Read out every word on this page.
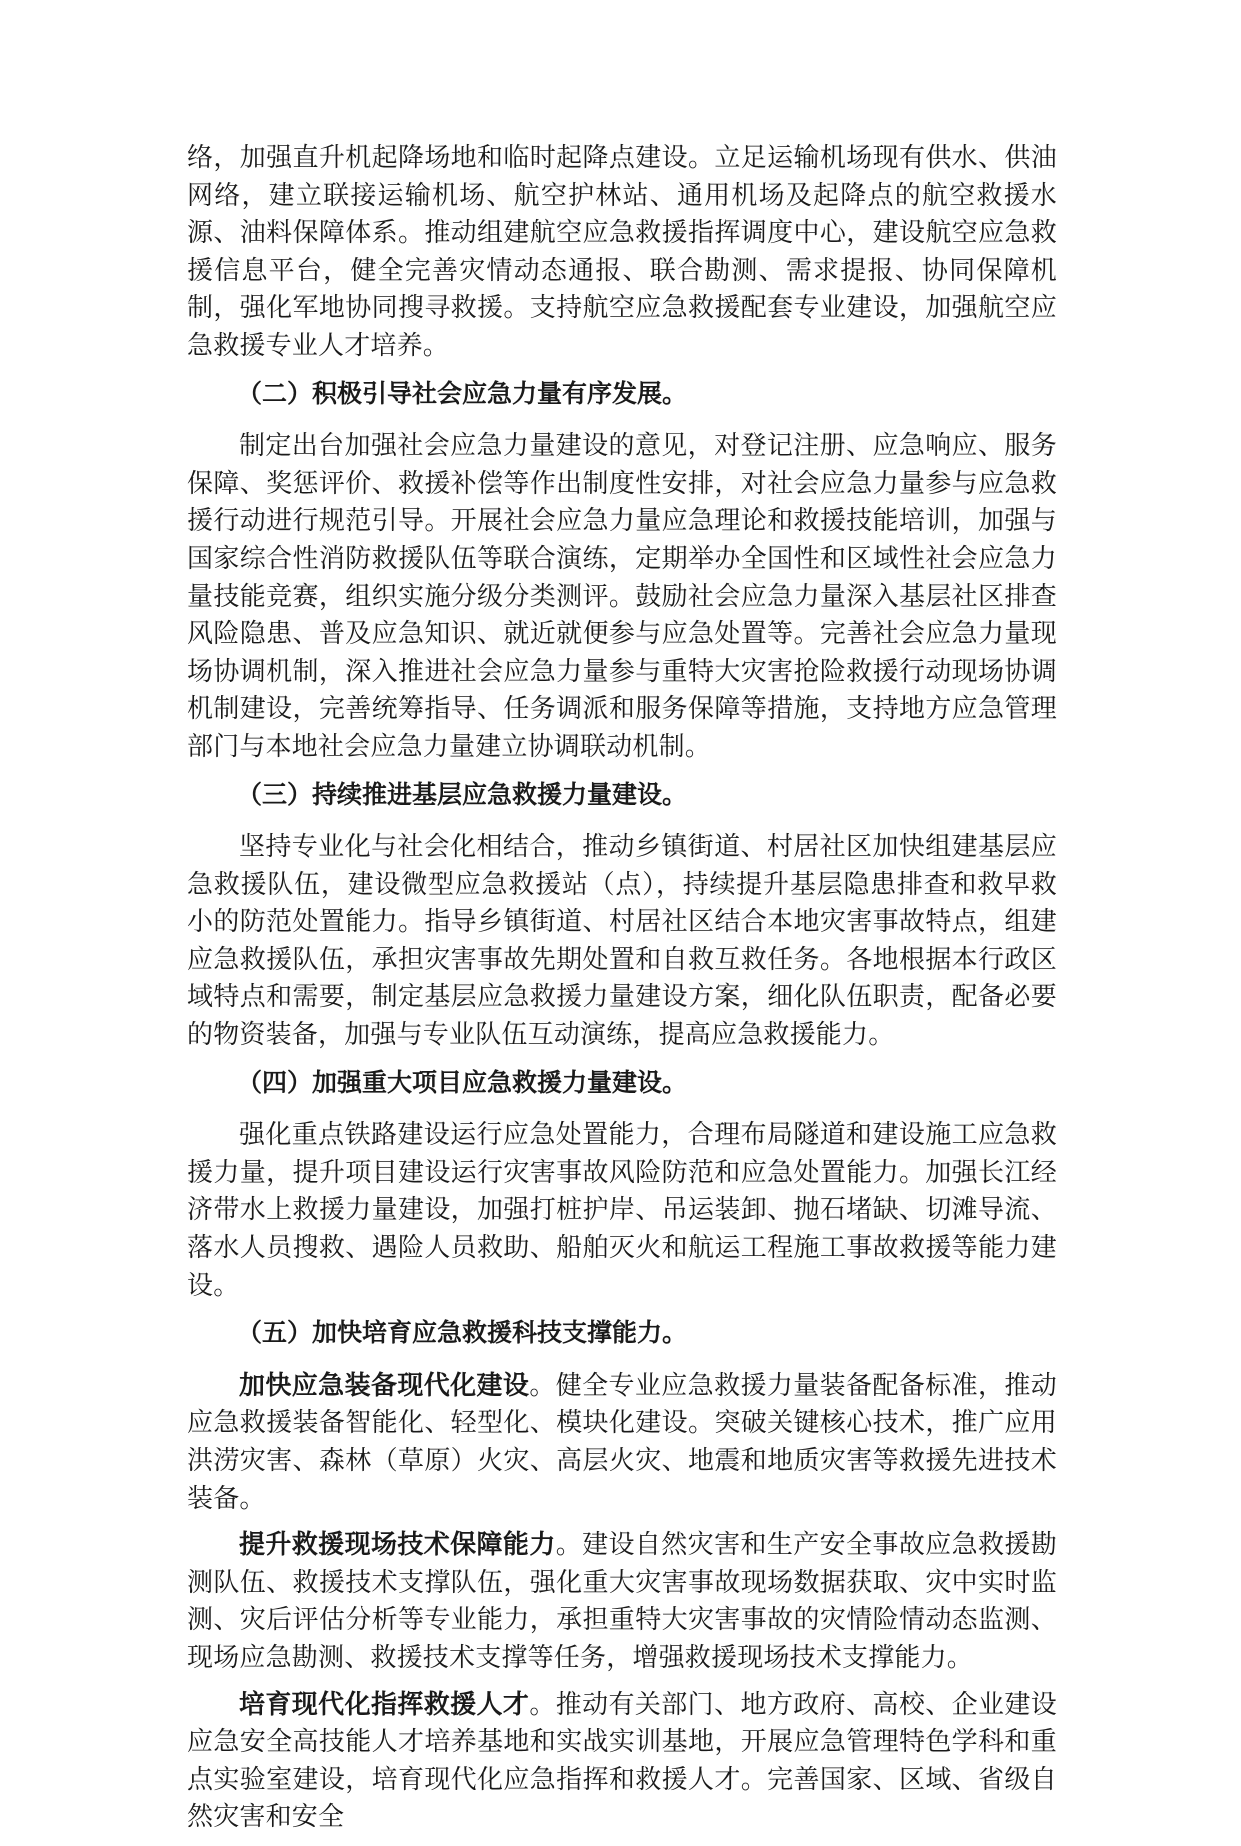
络，加强直升机起降场地和临时起降点建设。立足运输机场现有供水、供油网络，建立联接运输机场、航空护林站、通用机场及起降点的航空救援水源、油料保障体系。推动组建航空应急救援指挥调度中心，建设航空应急救援信息平台，健全完善灾情动态通报、联合勘测、需求提报、协同保障机制，强化军地协同搜寻救援。支持航空应急救援配套专业建设，加强航空应急救援专业人才培养。

（二）积极引导社会应急力量有序发展。

制定出台加强社会应急力量建设的意见，对登记注册、应急响应、服务保障、奖惩评价、救援补偿等作出制度性安排，对社会应急力量参与应急救援行动进行规范引导。开展社会应急力量应急理论和救援技能培训，加强与国家综合性消防救援队伍等联合演练，定期举办全国性和区域性社会应急力量技能竞赛，组织实施分级分类测评。鼓励社会应急力量深入基层社区排查风险隐患、普及应急知识、就近就便参与应急处置等。完善社会应急力量现场协调机制，深入推进社会应急力量参与重特大灾害抢险救援行动现场协调机制建设，完善统筹指导、任务调派和服务保障等措施，支持地方应急管理部门与本地社会应急力量建立协调联动机制。

（三）持续推进基层应急救援力量建设。

坚持专业化与社会化相结合，推动乡镇街道、村居社区加快组建基层应急救援队伍，建设微型应急救援站（点），持续提升基层隐患排查和救早救小的防范处置能力。指导乡镇街道、村居社区结合本地灾害事故特点，组建应急救援队伍，承担灾害事故先期处置和自救互救任务。各地根据本行政区域特点和需要，制定基层应急救援力量建设方案，细化队伍职责，配备必要的物资装备，加强与专业队伍互动演练，提高应急救援能力。

（四）加强重大项目应急救援力量建设。

强化重点铁路建设运行应急处置能力，合理布局隧道和建设施工应急救援力量，提升项目建设运行灾害事故风险防范和应急处置能力。加强长江经济带水上救援力量建设，加强打桩护岸、吊运装卸、抛石堵缺、切滩导流、落水人员搜救、遇险人员救助、船舶灭火和航运工程施工事故救援等能力建设。

（五）加快培育应急救援科技支撑能力。

加快应急装备现代化建设。健全专业应急救援力量装备配备标准，推动应急救援装备智能化、轻型化、模块化建设。突破关键核心技术，推广应用洪涝灾害、森林（草原）火灾、高层火灾、地震和地质灾害等救援先进技术装备。

提升救援现场技术保障能力。建设自然灾害和生产安全事故应急救援勘测队伍、救援技术支撑队伍，强化重大灾害事故现场数据获取、灾中实时监测、灾后评估分析等专业能力，承担重特大灾害事故的灾情险情动态监测、现场应急勘测、救援技术支撑等任务，增强救援现场技术支撑能力。

培育现代化指挥救援人才。推动有关部门、地方政府、高校、企业建设应急安全高技能人才培养基地和实战实训基地，开展应急管理特色学科和重点实验室建设，培育现代化应急指挥和救援人才。完善国家、区域、省级自然灾害和安全
